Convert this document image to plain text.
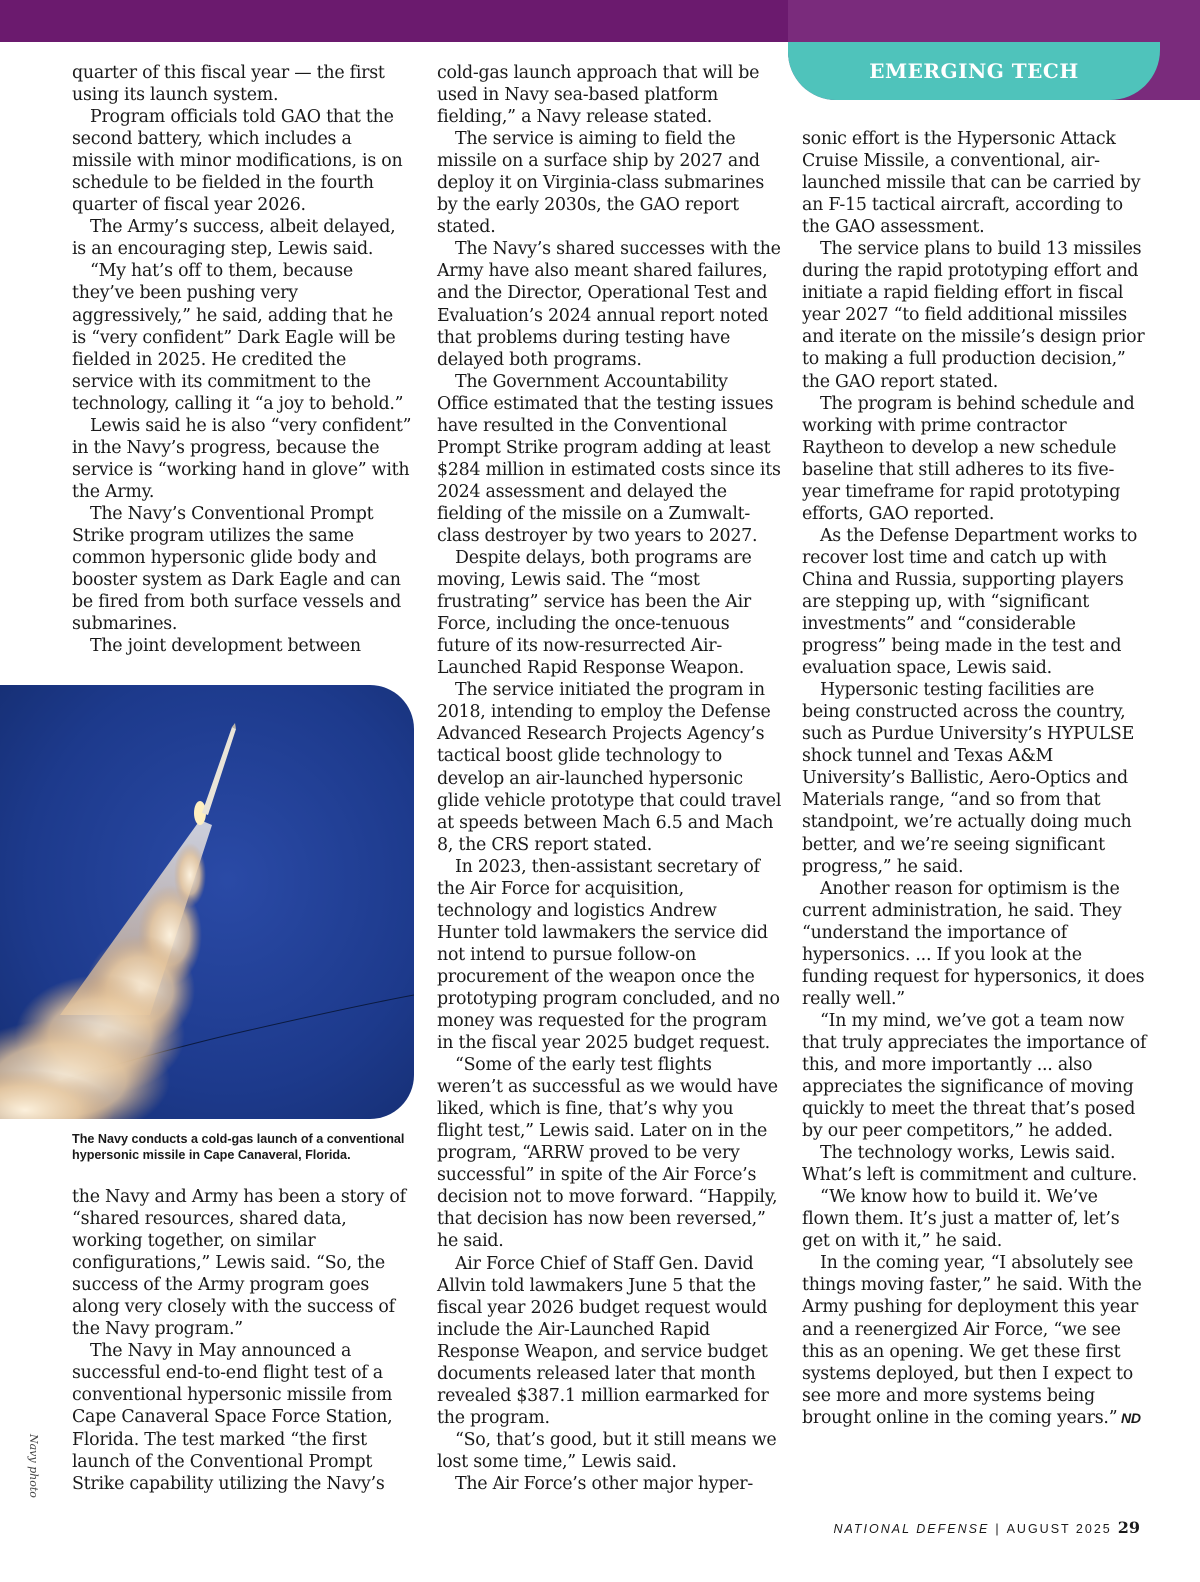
EMERGING TECH

quarter of this fiscal year — the first using its launch system.

Program officials told GAO that the second battery, which includes a missile with minor modifications, is on schedule to be fielded in the fourth quarter of fiscal year 2026.

The Army’s success, albeit delayed, is an encouraging step, Lewis said.

“My hat’s off to them, because they’ve been pushing very aggressively,” he said, adding that he is “very confident” Dark Eagle will be fielded in 2025. He credited the service with its commitment to the technology, calling it “a joy to behold.”

Lewis said he is also “very confident” in the Navy’s progress, because the service is “working hand in glove” with the Army.

The Navy’s Conventional Prompt Strike program utilizes the same common hypersonic glide body and booster system as Dark Eagle and can be fired from both surface vessels and submarines.

The joint development between

The Navy conducts a cold-gas launch of a conventional hypersonic missile in Cape Canaveral, Florida.
Navy photo

the Navy and Army has been a story of “shared resources, shared data, working together, on similar configurations,” Lewis said. “So, the success of the Army program goes along very closely with the success of the Navy program.”

The Navy in May announced a successful end-to-end flight test of a conventional hypersonic missile from Cape Canaveral Space Force Station, Florida. The test marked “the first launch of the Conventional Prompt Strike capability utilizing the Navy’s

cold-gas launch approach that will be used in Navy sea-based platform fielding,” a Navy release stated.

The service is aiming to field the missile on a surface ship by 2027 and deploy it on Virginia-class submarines by the early 2030s, the GAO report stated.

The Navy’s shared successes with the Army have also meant shared failures, and the Director, Operational Test and Evaluation’s 2024 annual report noted that problems during testing have delayed both programs.

The Government Accountability Office estimated that the testing issues have resulted in the Conventional Prompt Strike program adding at least $284 million in estimated costs since its 2024 assessment and delayed the fielding of the missile on a Zumwalt-class destroyer by two years to 2027.

Despite delays, both programs are moving, Lewis said. The “most frustrating” service has been the Air Force, including the once-tenuous future of its now-resurrected Air-Launched Rapid Response Weapon.

The service initiated the program in 2018, intending to employ the Defense Advanced Research Projects Agency’s tactical boost glide technology to develop an air-launched hypersonic glide vehicle prototype that could travel at speeds between Mach 6.5 and Mach 8, the CRS report stated.

In 2023, then-assistant secretary of the Air Force for acquisition, technology and logistics Andrew Hunter told lawmakers the service did not intend to pursue follow-on procurement of the weapon once the prototyping program concluded, and no money was requested for the program in the fiscal year 2025 budget request.

“Some of the early test flights weren’t as successful as we would have liked, which is fine, that’s why you flight test,” Lewis said. Later on in the program, “ARRW proved to be very successful” in spite of the Air Force’s decision not to move forward. “Happily, that decision has now been reversed,” he said.

Air Force Chief of Staff Gen. David Allvin told lawmakers June 5 that the fiscal year 2026 budget request would include the Air-Launched Rapid Response Weapon, and service budget documents released later that month revealed $387.1 million earmarked for the program.

“So, that’s good, but it still means we lost some time,” Lewis said.

The Air Force’s other major hyper-

sonic effort is the Hypersonic Attack Cruise Missile, a conventional, air-launched missile that can be carried by an F-15 tactical aircraft, according to the GAO assessment.

The service plans to build 13 missiles during the rapid prototyping effort and initiate a rapid fielding effort in fiscal year 2027 “to field additional missiles and iterate on the missile’s design prior to making a full production decision,” the GAO report stated.

The program is behind schedule and working with prime contractor Raytheon to develop a new schedule baseline that still adheres to its five-year timeframe for rapid prototyping efforts, GAO reported.

As the Defense Department works to recover lost time and catch up with China and Russia, supporting players are stepping up, with “significant investments” and “considerable progress” being made in the test and evaluation space, Lewis said.

Hypersonic testing facilities are being constructed across the country, such as Purdue University’s HYPULSE shock tunnel and Texas A&M University’s Ballistic, Aero-Optics and Materials range, “and so from that standpoint, we’re actually doing much better, and we’re seeing significant progress,” he said.

Another reason for optimism is the current administration, he said. They “understand the importance of hypersonics. ... If you look at the funding request for hypersonics, it does really well.”

“In my mind, we’ve got a team now that truly appreciates the importance of this, and more importantly ... also appreciates the significance of moving quickly to meet the threat that’s posed by our peer competitors,” he added.

The technology works, Lewis said. What’s left is commitment and culture.

“We know how to build it. We’ve flown them. It’s just a matter of, let’s get on with it,” he said.

In the coming year, “I absolutely see things moving faster,” he said. With the Army pushing for deployment this year and a reenergized Air Force, “we see this as an opening. We get these first systems deployed, but then I expect to see more and more systems being brought online in the coming years.” ND

NATIONAL DEFENSE | AUGUST 2025 29
